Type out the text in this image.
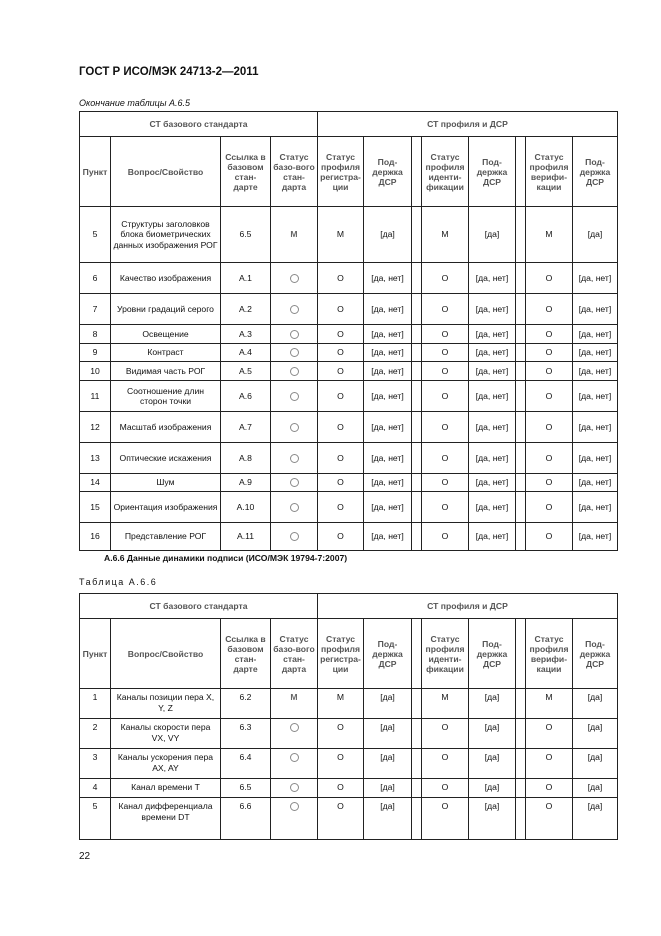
ГОСТ Р ИСО/МЭК 24713-2—2011
Окончание таблицы А.6.5
СТ базового стандарта				СТ профиля и ДСР							
Пункт	Вопрос/Свойство	Ссылка в базовом стан-дарте	Статус базо-вого стан-дарта	Статус профиля регистра-ции	Под-держка ДСР		Статус профиля иденти-фикации	Под-держка ДСР		Статус профиля верифи-кации	Под-держка ДСР
5	Структуры заголовков блока биометрических данных изображения РОГ	6.5	M	M	[да]		M	[да]		M	[да]
6	Качество изображения	А.1		O	[да, нет]		O	[да, нет]		O	[да, нет]
7	Уровни градаций серого	А.2		O	[да, нет]		O	[да, нет]		O	[да, нет]
8	Освещение	А.3		O	[да, нет]		O	[да, нет]		O	[да, нет]
9	Контраст	А.4		O	[да, нет]		O	[да, нет]		O	[да, нет]
10	Видимая часть РОГ	А.5		O	[да, нет]		O	[да, нет]		O	[да, нет]
11	Соотношение длин сторон точки	А.6		O	[да, нет]		O	[да, нет]		O	[да, нет]
12	Масштаб изображения	А.7		O	[да, нет]		O	[да, нет]		O	[да, нет]
13	Оптические искажения	А.8		O	[да, нет]		O	[да, нет]		O	[да, нет]
14	Шум	А.9		O	[да, нет]		O	[да, нет]		O	[да, нет]
15	Ориентация изображения	А.10		O	[да, нет]		O	[да, нет]		O	[да, нет]
16	Представление РОГ	А.11		O	[да, нет]		O	[да, нет]		O	[да, нет]
А.6.6 Данные динамики подписи (ИСО/МЭК 19794-7:2007)
Таблица А.6.6
СТ базового стандарта				СТ профиля и ДСР							
Пункт	Вопрос/Свойство	Ссылка в базовом стан-дарте	Статус базо-вого стан-дарта	Статус профиля регистра-ции	Под-держка ДСР		Статус профиля иденти-фикации	Под-держка ДСР		Статус профиля верифи-кации	Под-держка ДСР
1	Каналы позиции пера X, Y, Z	6.2	M	M	[да]		M	[да]		M	[да]
2	Каналы скорости пера VX, VY	6.3		O	[да]		O	[да]		O	[да]
3	Каналы ускорения пера AX, AY	6.4		O	[да]		O	[да]		O	[да]
4	Канал времени T	6.5		O	[да]		O	[да]		O	[да]
5	Канал дифференциала времени DT	6.6		O	[да]		O	[да]		O	[да]
22
